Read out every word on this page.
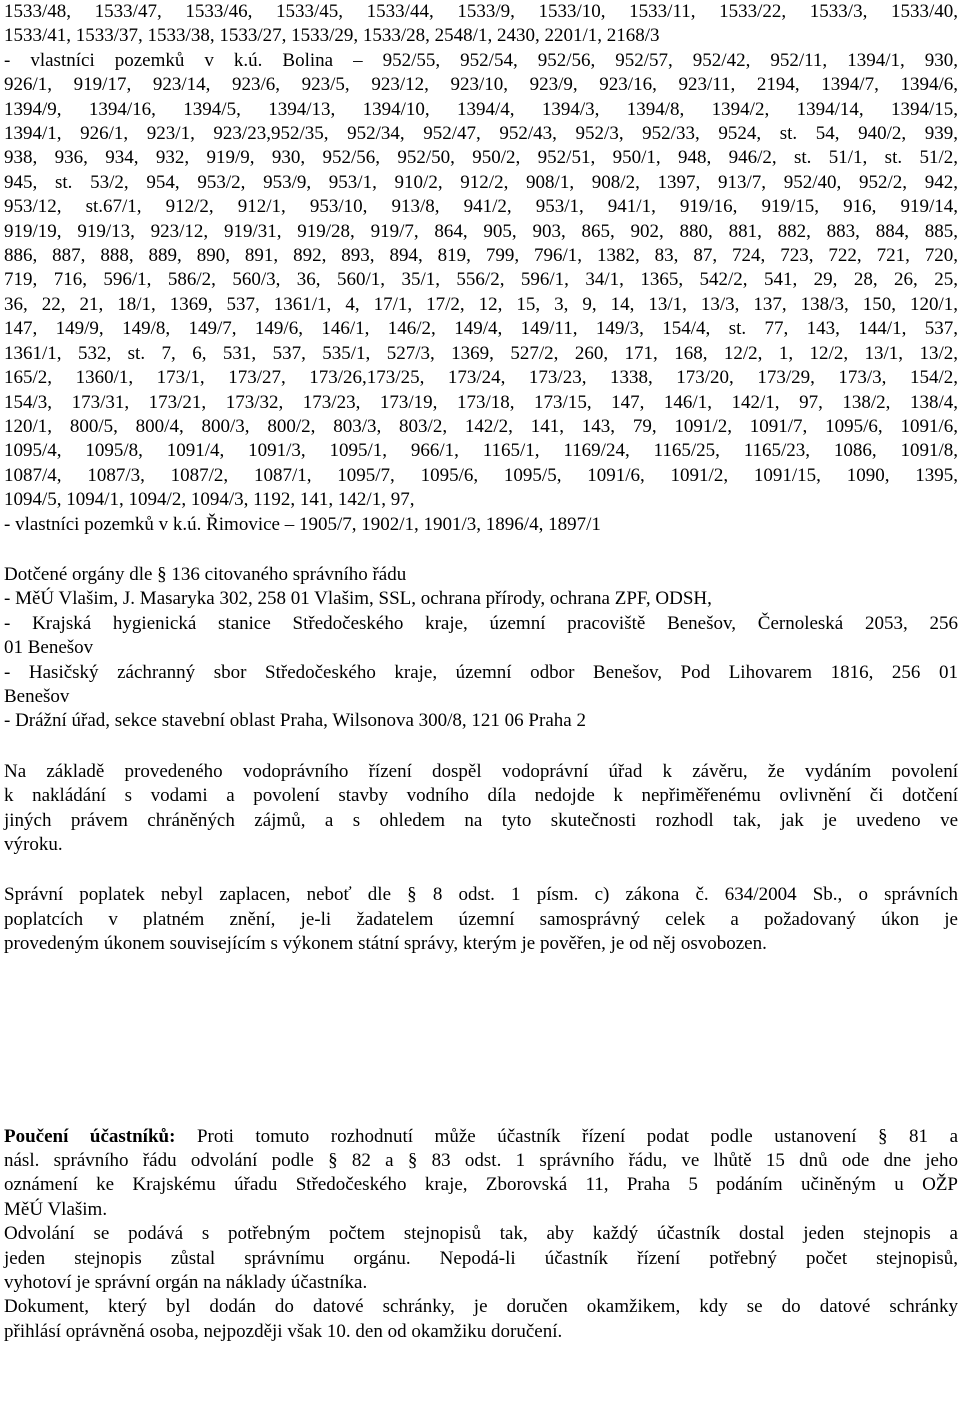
1533/48, 1533/47, 1533/46, 1533/45, 1533/44, 1533/9, 1533/10, 1533/11, 1533/22, 1533/3, 1533/40,
1533/41, 1533/37, 1533/38, 1533/27, 1533/29, 1533/28, 2548/1, 2430, 2201/1, 2168/3
- vlastníci pozemků v k.ú. Bolina – 952/55, 952/54, 952/56, 952/57, 952/42, 952/11, 1394/1, 930,
926/1, 919/17, 923/14, 923/6, 923/5, 923/12, 923/10, 923/9, 923/16, 923/11, 2194, 1394/7, 1394/6,
1394/9, 1394/16, 1394/5, 1394/13, 1394/10, 1394/4, 1394/3, 1394/8, 1394/2, 1394/14, 1394/15,
1394/1, 926/1, 923/1, 923/23,952/35, 952/34, 952/47, 952/43, 952/3, 952/33, 9524, st. 54, 940/2, 939,
938, 936, 934, 932, 919/9, 930, 952/56, 952/50, 950/2, 952/51, 950/1, 948, 946/2, st. 51/1, st. 51/2,
945, st. 53/2, 954, 953/2, 953/9, 953/1, 910/2, 912/2, 908/1, 908/2, 1397, 913/7, 952/40, 952/2, 942,
953/12, st.67/1, 912/2, 912/1, 953/10, 913/8, 941/2, 953/1, 941/1, 919/16, 919/15, 916, 919/14,
919/19, 919/13, 923/12, 919/31, 919/28, 919/7, 864, 905, 903, 865, 902, 880, 881, 882, 883, 884, 885,
886, 887, 888, 889, 890, 891, 892, 893, 894, 819, 799, 796/1, 1382, 83, 87, 724, 723, 722, 721, 720,
719, 716, 596/1, 586/2, 560/3, 36, 560/1, 35/1, 556/2, 596/1, 34/1, 1365, 542/2, 541, 29, 28, 26, 25,
36, 22, 21, 18/1, 1369, 537, 1361/1, 4, 17/1, 17/2, 12, 15, 3, 9, 14, 13/1, 13/3, 137, 138/3, 150, 120/1,
147, 149/9, 149/8, 149/7, 149/6, 146/1, 146/2, 149/4, 149/11, 149/3, 154/4, st. 77, 143, 144/1, 537,
1361/1, 532, st. 7, 6, 531, 537, 535/1, 527/3, 1369, 527/2, 260, 171, 168, 12/2, 1, 12/2, 13/1, 13/2,
165/2, 1360/1, 173/1, 173/27, 173/26,173/25, 173/24, 173/23, 1338, 173/20, 173/29, 173/3, 154/2,
154/3, 173/31, 173/21, 173/32, 173/23, 173/19, 173/18, 173/15, 147, 146/1, 142/1, 97, 138/2, 138/4,
120/1, 800/5, 800/4, 800/3, 800/2, 803/3, 803/2, 142/2, 141, 143, 79, 1091/2, 1091/7, 1095/6, 1091/6,
1095/4, 1095/8, 1091/4, 1091/3, 1095/1, 966/1, 1165/1, 1169/24, 1165/25, 1165/23, 1086, 1091/8,
1087/4, 1087/3, 1087/2, 1087/1, 1095/7, 1095/6, 1095/5, 1091/6, 1091/2, 1091/15, 1090, 1395,
1094/5, 1094/1, 1094/2, 1094/3, 1192, 141, 142/1, 97,
- vlastníci pozemků v k.ú. Řimovice – 1905/7, 1902/1, 1901/3, 1896/4, 1897/1
Dotčené orgány dle § 136 citovaného správního řádu
- MěÚ Vlašim, J. Masaryka 302, 258 01 Vlašim, SSL, ochrana přírody, ochrana ZPF, ODSH,
- Krajská hygienická stanice Středočeského kraje, územní pracoviště Benešov, Černoleská 2053, 256
01 Benešov
- Hasičský záchranný sbor Středočeského kraje, územní odbor Benešov, Pod Lihovarem 1816, 256 01
Benešov
- Drážní úřad, sekce stavební oblast Praha, Wilsonova 300/8, 121 06 Praha 2
Na základě provedeného vodoprávního řízení dospěl vodoprávní úřad k závěru, že vydáním povolení
k nakládání s vodami a povolení stavby vodního díla nedojde k nepřiměřenému ovlivnění či dotčení
jiných právem chráněných zájmů, a s ohledem na tyto skutečnosti rozhodl tak, jak je uvedeno ve
výroku.
Správní poplatek nebyl zaplacen, neboť dle § 8 odst. 1 písm. c) zákona č. 634/2004 Sb., o správních
poplatcích v platném znění, je-li žadatelem územní samosprávný celek a požadovaný úkon je
provedeným úkonem souvisejícím s výkonem státní správy, kterým je pověřen, je od něj osvobozen.
Poučení účastníků: Proti tomuto rozhodnutí může účastník řízení podat podle ustanovení § 81 a
násl. správního řádu odvolání podle § 82 a § 83 odst. 1 správního řádu, ve lhůtě 15 dnů ode dne jeho
oznámení ke Krajskému úřadu Středočeského kraje, Zborovská 11, Praha 5 podáním učiněným u OŽP
MěÚ Vlašim.
Odvolání se podává s potřebným počtem stejnopisů tak, aby každý účastník dostal jeden stejnopis a
jeden stejnopis zůstal správnímu orgánu. Nepodá-li účastník řízení potřebný počet stejnopisů,
vyhotoví je správní orgán na náklady účastníka.
Dokument, který byl dodán do datové schránky, je doručen okamžikem, kdy se do datové schránky
přihlásí oprávněná osoba, nejpozději však 10. den od okamžiku doručení.
